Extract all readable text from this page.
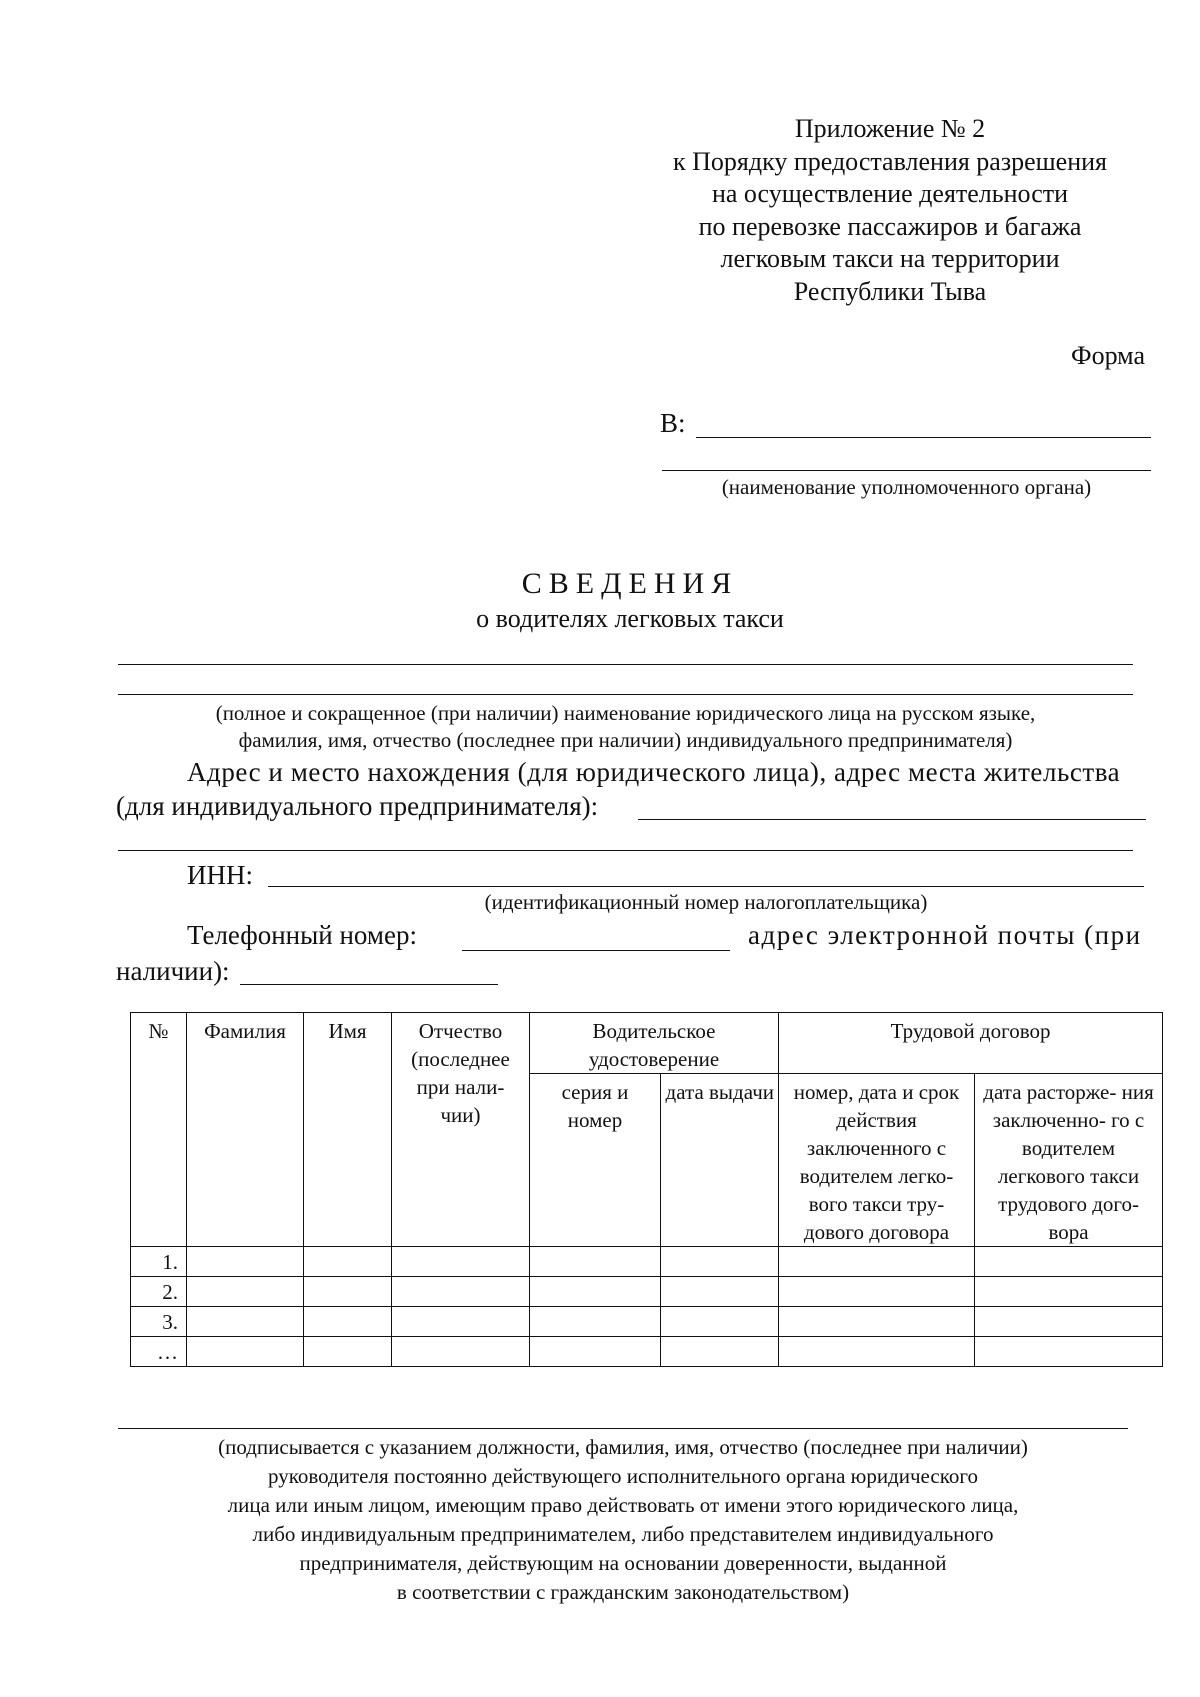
Приложение № 2
к Порядку предоставления разрешения
на осуществление деятельности
по перевозке пассажиров и багажа
легковым такси на территории
Республики Тыва
Форма
В:
(наименование уполномоченного органа)
СВЕДЕНИЯ
о водителях легковых такси
(полное и сокращенное (при наличии) наименование юридического лица на русском языке,
фамилия, имя, отчество (последнее при наличии) индивидуального предпринимателя)
Адрес и место нахождения (для юридического лица), адрес места жительства
(для индивидуального предпринимателя):
ИНН:
(идентификационный номер налогоплательщика)
Телефонный номер:	адрес электронной почты (при
наличии):
№	Фамилия	Имя	Отчество (последнее при нали- чии)	Водительское удостоверение		Трудовой договор	
				серия и номер	дата выдачи	номер, дата и срок действия заключенного с водителем легко- вого такси тру- дового договора	дата расторже- ния заключенно- го с водителем легкового такси трудового дого- вора
1.							
2.							
3.							
…							
(подписывается с указанием должности, фамилия, имя, отчество (последнее при наличии)
руководителя постоянно действующего исполнительного органа юридического
лица или иным лицом, имеющим право действовать от имени этого юридического лица,
либо индивидуальным предпринимателем, либо представителем индивидуального
предпринимателя, действующим на основании доверенности, выданной
в соответствии с гражданским законодательством)
